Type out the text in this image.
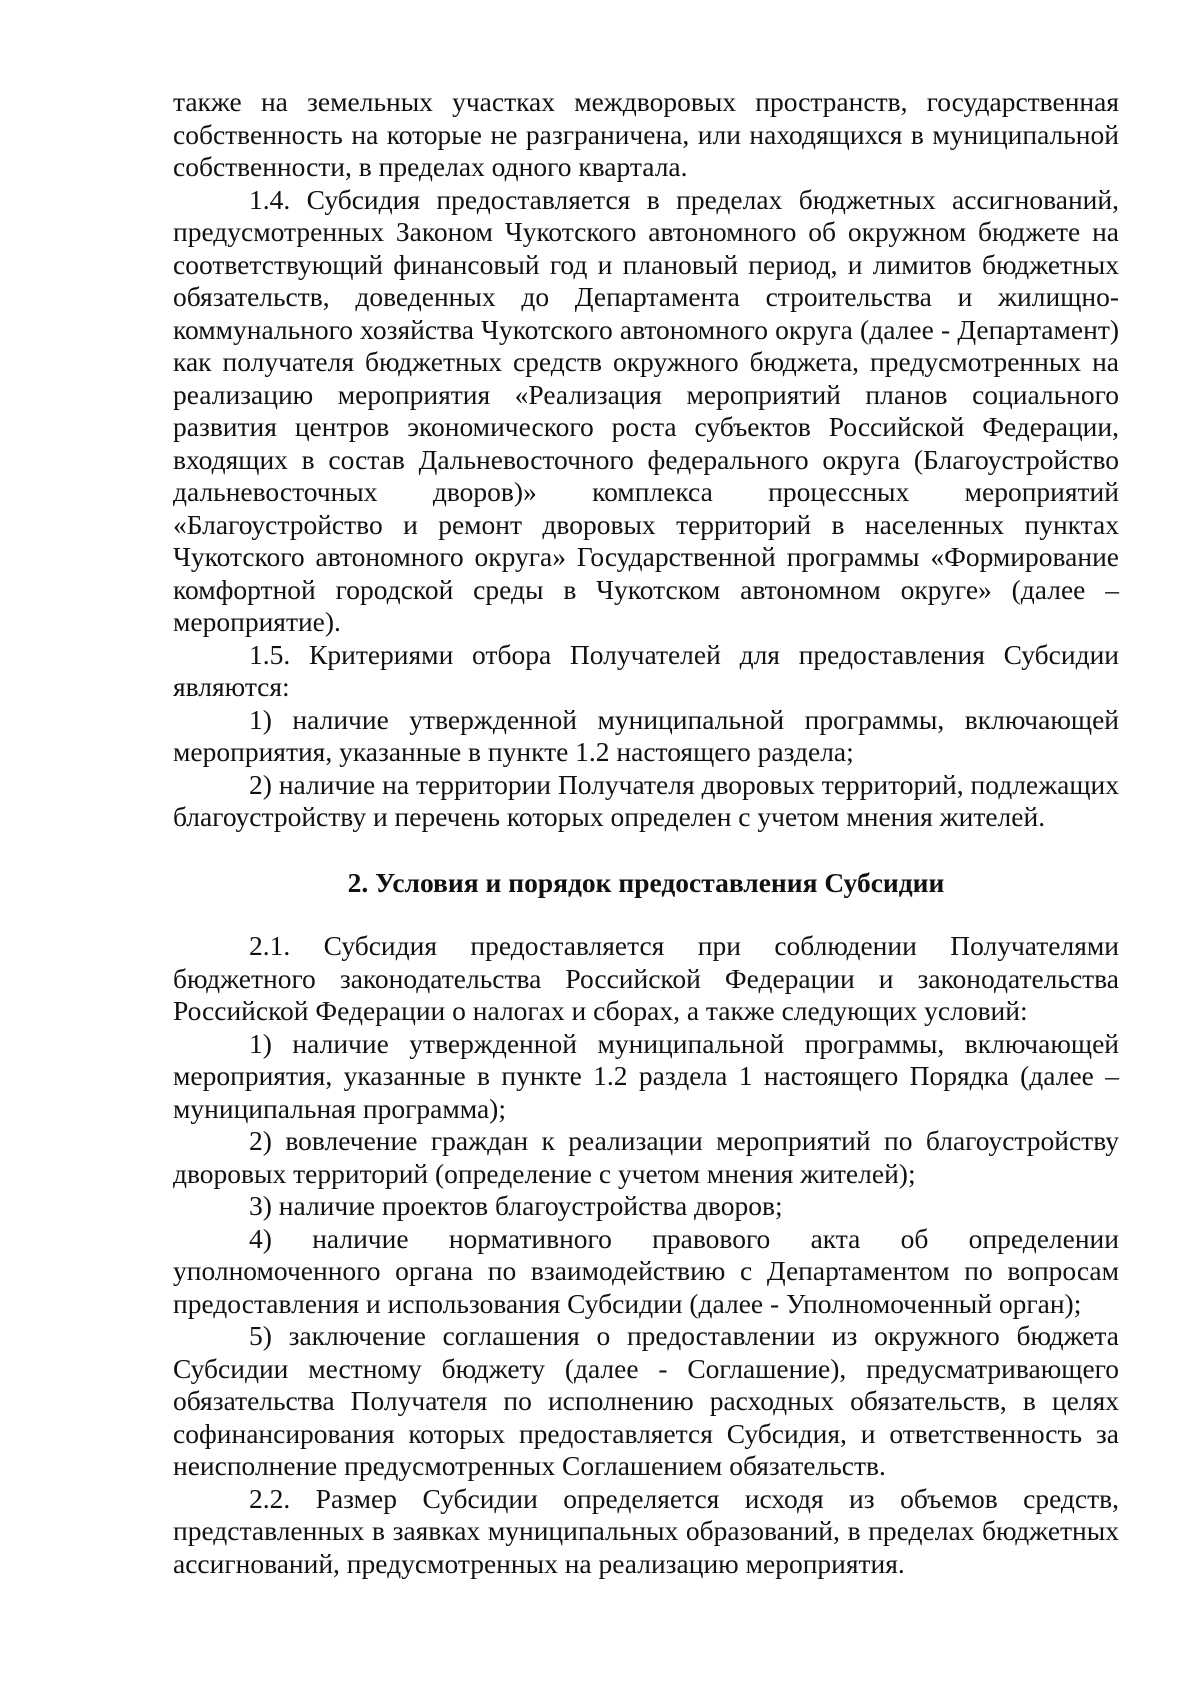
также на земельных участках междворовых пространств, государственная собственность на которые не разграничена, или находящихся в муниципальной собственности, в пределах одного квартала.

1.4. Субсидия предоставляется в пределах бюджетных ассигнований, предусмотренных Законом Чукотского автономного об окружном бюджете на соответствующий финансовый год и плановый период, и лимитов бюджетных обязательств, доведенных до Департамента строительства и жилищно-коммунального хозяйства Чукотского автономного округа (далее - Департамент) как получателя бюджетных средств окружного бюджета, предусмотренных на реализацию мероприятия «Реализация мероприятий планов социального развития центров экономического роста субъектов Российской Федерации, входящих в состав Дальневосточного федерального округа (Благоустройство дальневосточных дворов)» комплекса процессных мероприятий «Благоустройство и ремонт дворовых территорий в населенных пунктах Чукотского автономного округа» Государственной программы «Формирование комфортной городской среды в Чукотском автономном округе» (далее – мероприятие).

1.5. Критериями отбора Получателей для предоставления Субсидии являются:

1) наличие утвержденной муниципальной программы, включающей мероприятия, указанные в пункте 1.2 настоящего раздела;

2) наличие на территории Получателя дворовых территорий, подлежащих благоустройству и перечень которых определен с учетом мнения жителей.

2. Условия и порядок предоставления Субсидии

2.1. Субсидия предоставляется при соблюдении Получателями бюджетного законодательства Российской Федерации и законодательства Российской Федерации о налогах и сборах, а также следующих условий:

1) наличие утвержденной муниципальной программы, включающей мероприятия, указанные в пункте 1.2 раздела 1 настоящего Порядка (далее – муниципальная программа);

2) вовлечение граждан к реализации мероприятий по благоустройству дворовых территорий (определение с учетом мнения жителей);

3) наличие проектов благоустройства дворов;

4) наличие нормативного правового акта об определении уполномоченного органа по взаимодействию с Департаментом по вопросам предоставления и использования Субсидии (далее - Уполномоченный орган);

5) заключение соглашения о предоставлении из окружного бюджета Субсидии местному бюджету (далее - Соглашение), предусматривающего обязательства Получателя по исполнению расходных обязательств, в целях софинансирования которых предоставляется Субсидия, и ответственность за неисполнение предусмотренных Соглашением обязательств.

2.2. Размер Субсидии определяется исходя из объемов средств, представленных в заявках муниципальных образований, в пределах бюджетных ассигнований, предусмотренных на реализацию мероприятия.
